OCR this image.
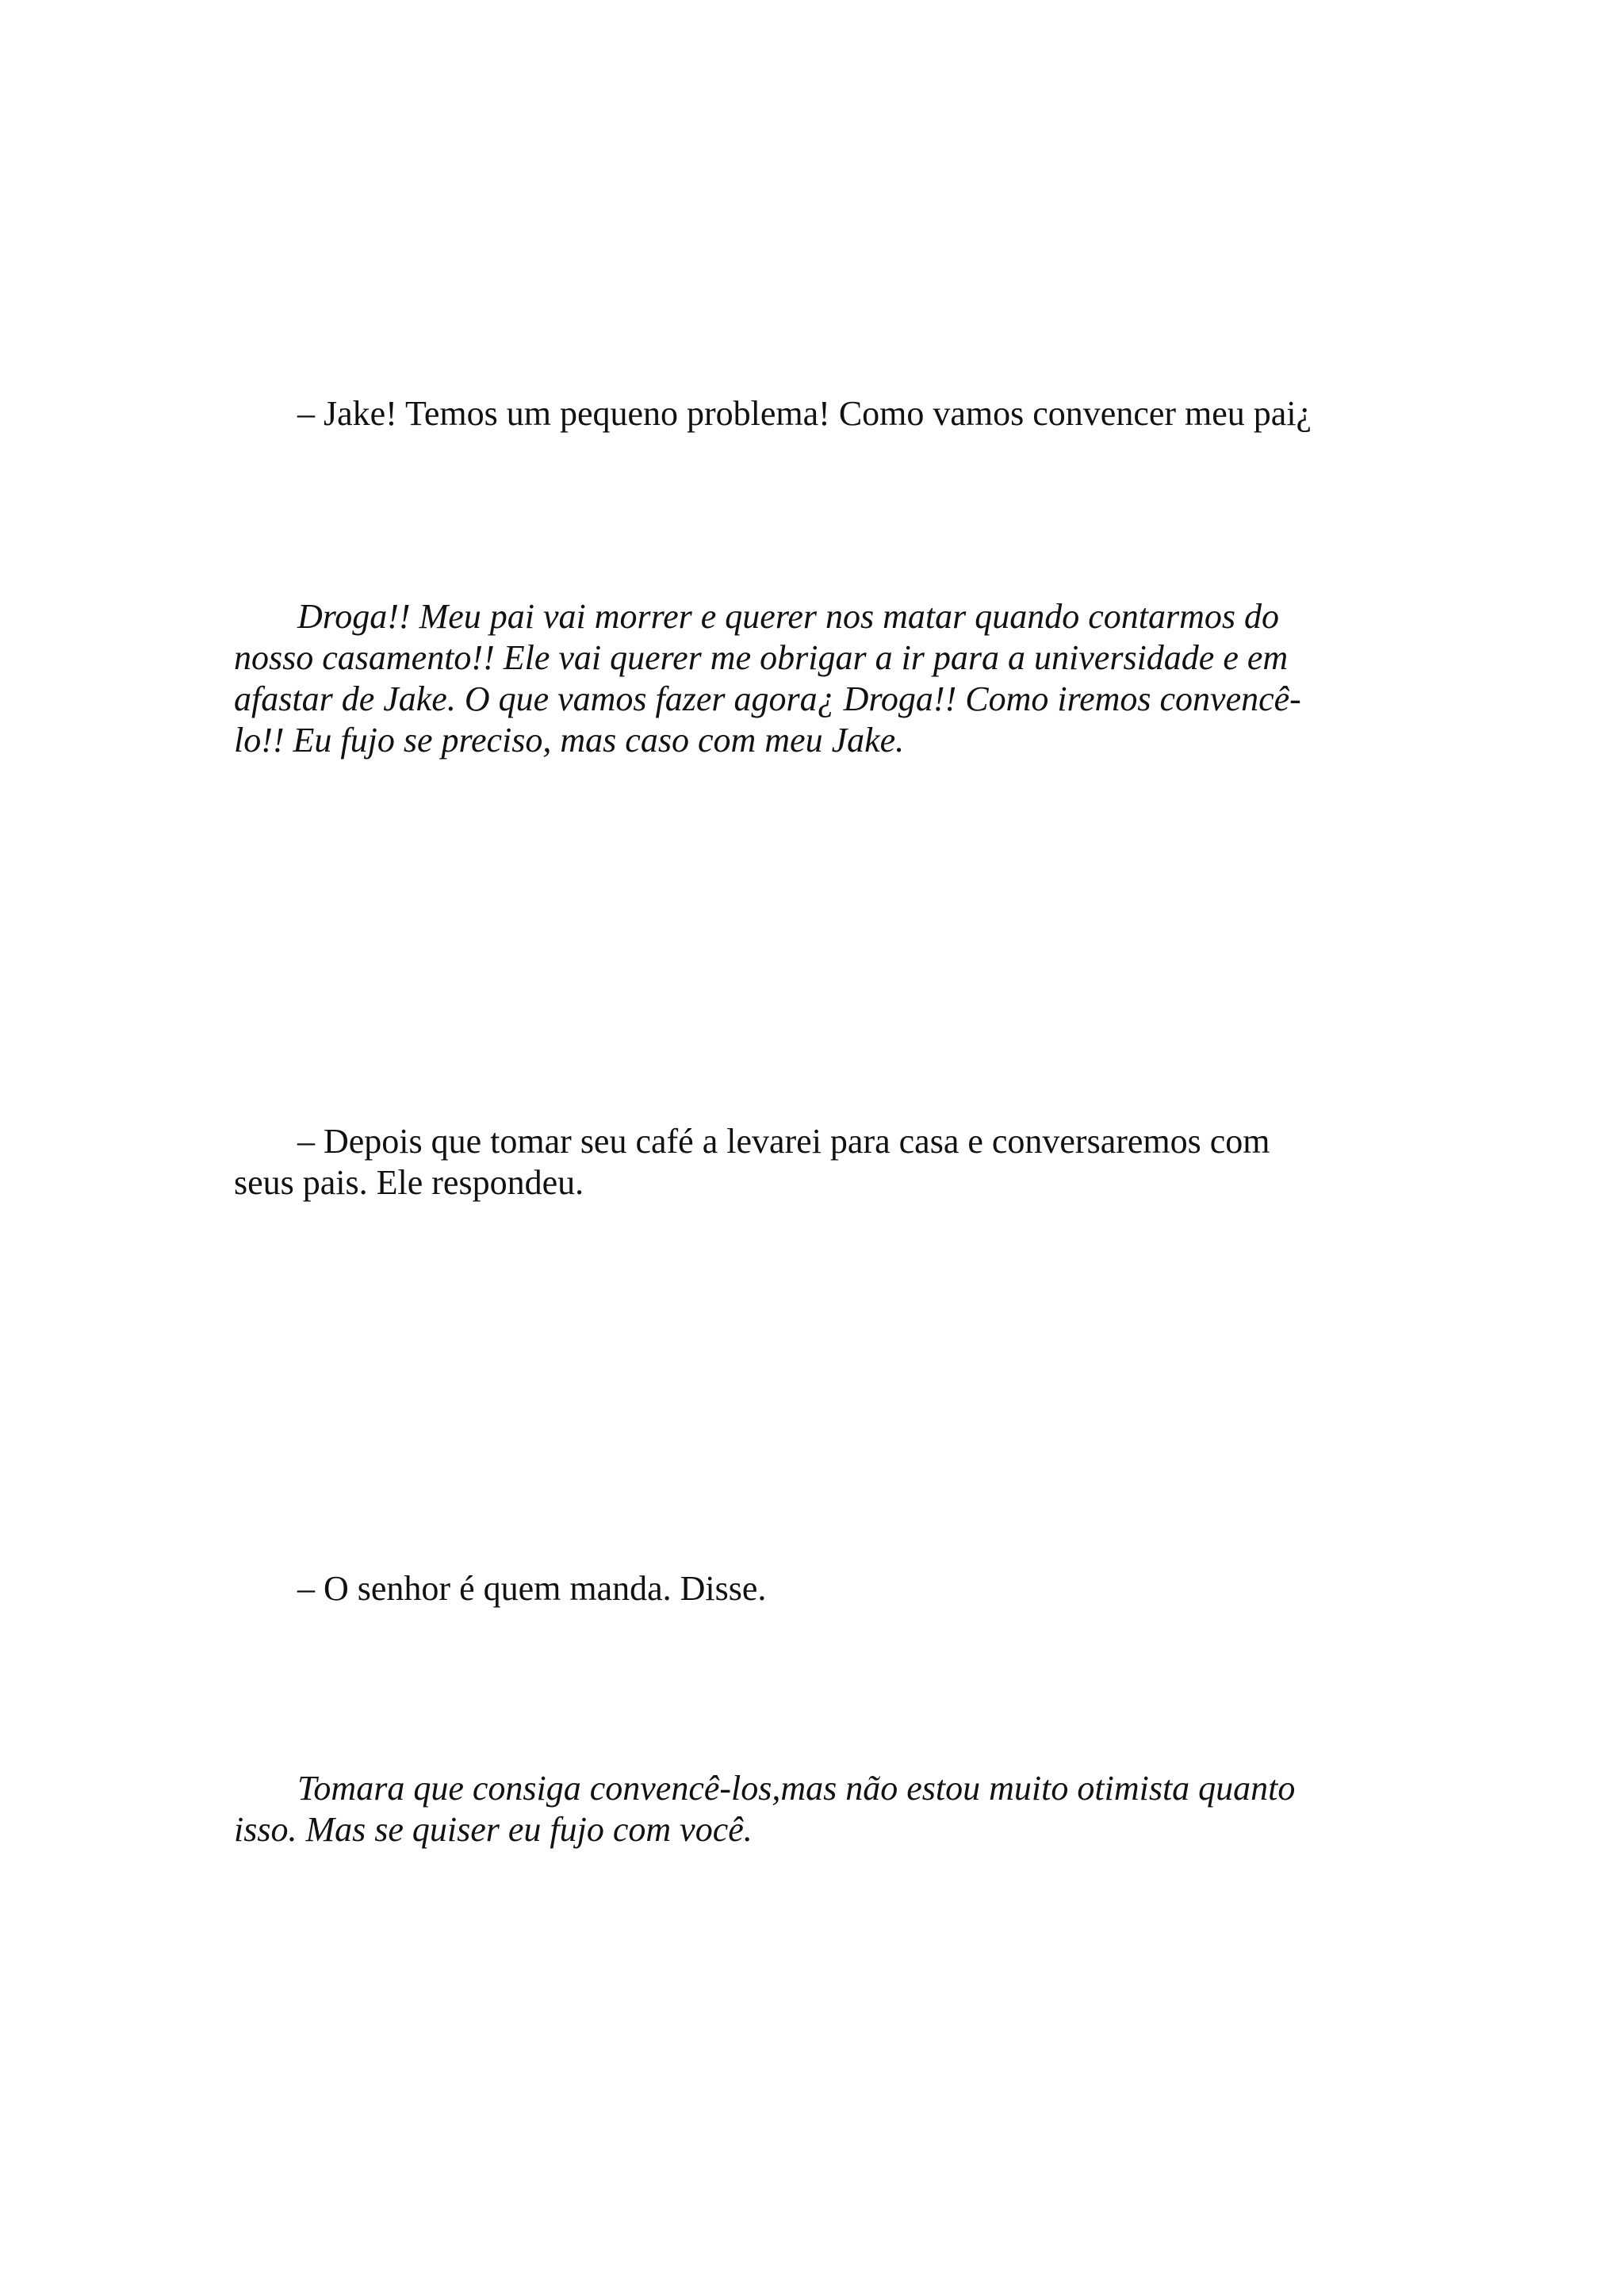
– Jake! Temos um pequeno problema! Como vamos convencer meu pai¿

Droga!! Meu pai vai morrer e querer nos matar quando contarmos do
nosso casamento!! Ele vai querer me obrigar a ir para a universidade e em
afastar de Jake. O que vamos fazer agora¿ Droga!! Como iremos convencê-
lo!! Eu fujo se preciso, mas caso com meu Jake.

– Depois que tomar seu café a levarei para casa e conversaremos com
seus pais. Ele respondeu.

– O senhor é quem manda. Disse.

Tomara que consiga convencê-los,mas não estou muito otimista quanto
isso. Mas se quiser eu fujo com você.
